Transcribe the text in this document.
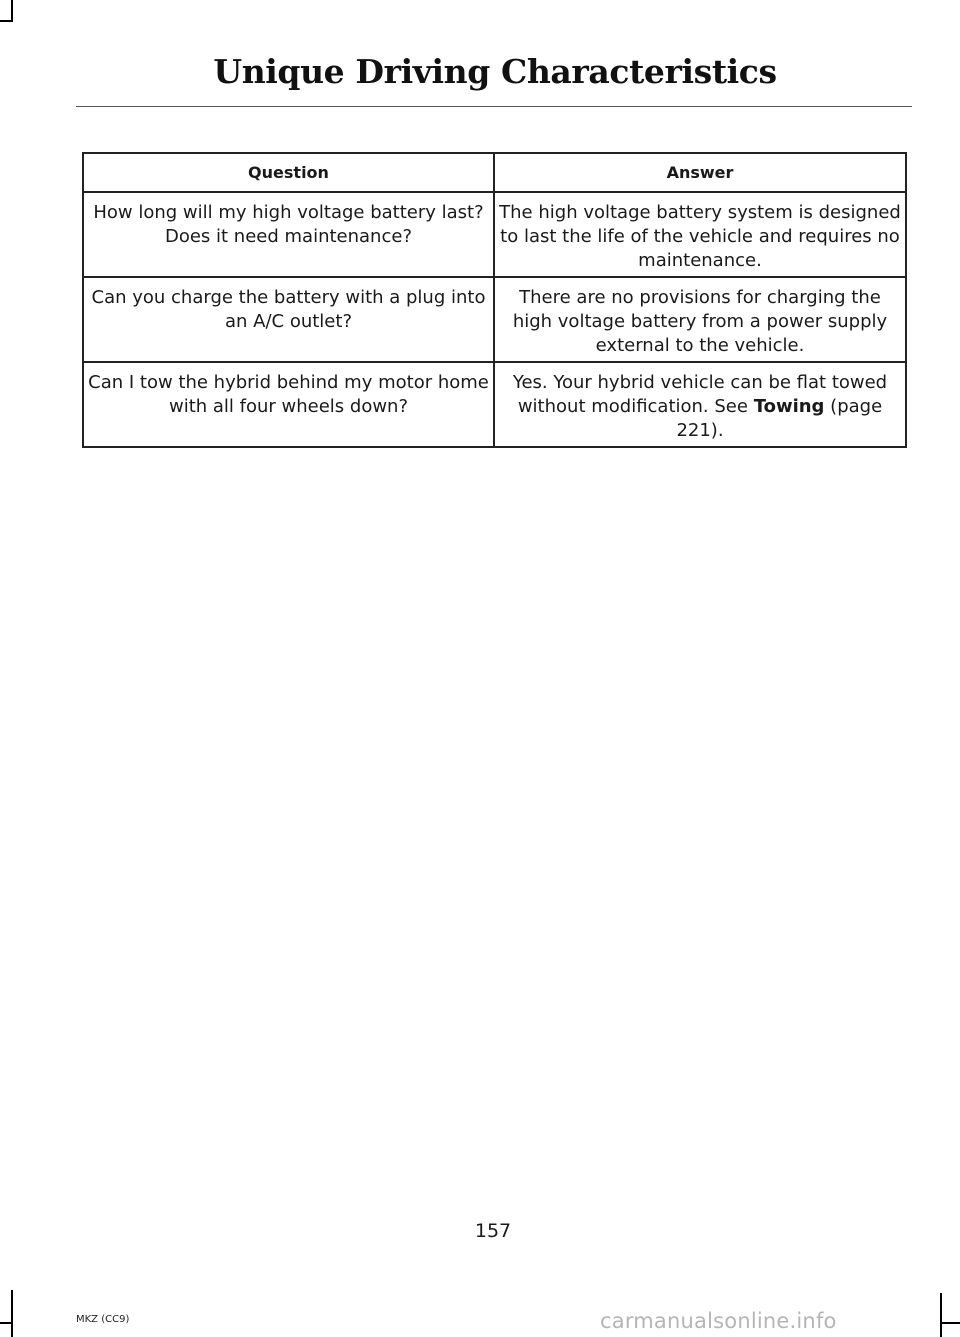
Unique Driving Characteristics
Question	Answer
How long will my high voltage battery last? Does it need maintenance?	The high voltage battery system is designed to last the life of the vehicle and requires no maintenance.
Can you charge the battery with a plug into an A/C outlet?	There are no provisions for charging the high voltage battery from a power supply external to the vehicle.
Can I tow the hybrid behind my motor home with all four wheels down?	Yes. Your hybrid vehicle can be flat towed without modification. See Towing (page 221).
157
MKZ (CC9)	carmanualsonline.info
